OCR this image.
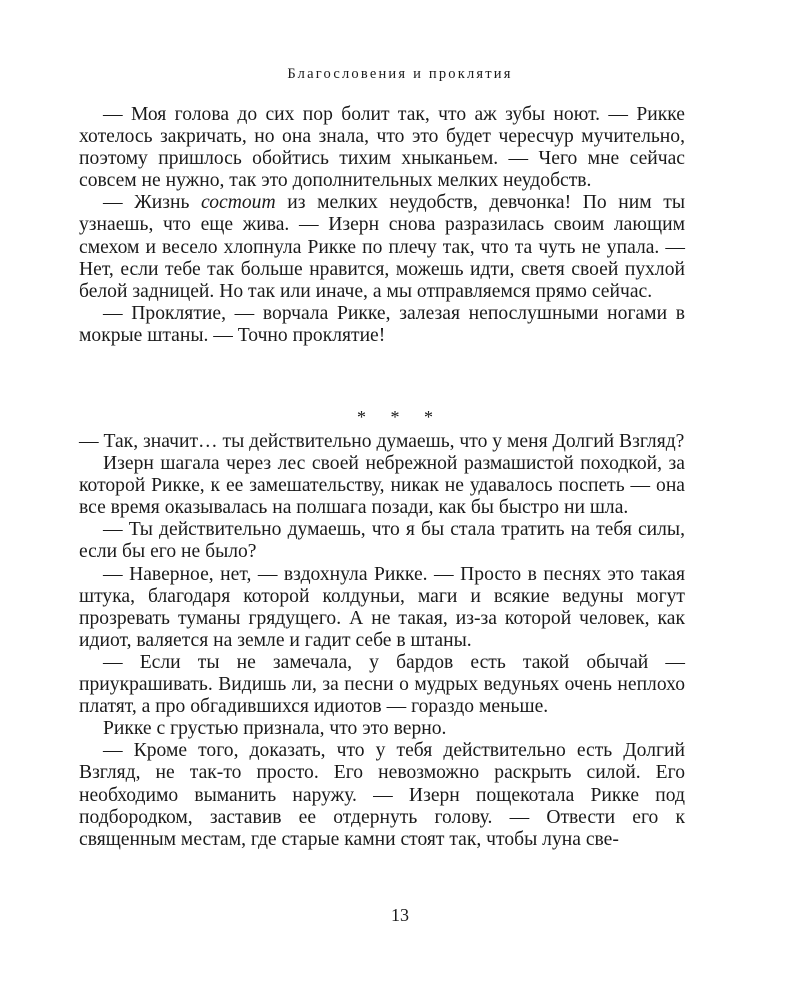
Благословения и проклятия

— Моя голова до сих пор болит так, что аж зубы ноют. — Рикке хотелось закричать, но она знала, что это будет чересчур мучительно, поэтому пришлось обойтись тихим хныканьем. — Чего мне сейчас совсем не нужно, так это дополнительных мелких неудобств.

— Жизнь состоит из мелких неудобств, девчонка! По ним ты узнаешь, что еще жива. — Изерн снова разразилась своим лающим смехом и весело хлопнула Рикке по плечу так, что та чуть не упала. — Нет, если тебе так больше нравится, можешь идти, светя своей пухлой белой задницей. Но так или иначе, а мы отправляемся прямо сейчас.

— Проклятие, — ворчала Рикке, залезая непослушными ногами в мокрые штаны. — Точно проклятие!

* * *

— Так, значит… ты действительно думаешь, что у меня Долгий Взгляд?

Изерн шагала через лес своей небрежной размашистой походкой, за которой Рикке, к ее замешательству, никак не удавалось поспеть — она все время оказывалась на полшага позади, как бы быстро ни шла.

— Ты действительно думаешь, что я бы стала тратить на тебя силы, если бы его не было?

— Наверное, нет, — вздохнула Рикке. — Просто в песнях это такая штука, благодаря которой колдуньи, маги и всякие ведуны могут прозревать туманы грядущего. А не такая, из-за которой человек, как идиот, валяется на земле и гадит себе в штаны.

— Если ты не замечала, у бардов есть такой обычай — приукрашивать. Видишь ли, за песни о мудрых ведуньях очень неплохо платят, а про обгадившихся идиотов — гораздо меньше.

Рикке с грустью признала, что это верно.

— Кроме того, доказать, что у тебя действительно есть Долгий Взгляд, не так-то просто. Его невозможно раскрыть силой. Его необходимо выманить наружу. — Изерн пощекотала Рикке под подбородком, заставив ее отдернуть голову. — Отвести его к священным местам, где старые камни стоят так, чтобы луна све-

13
